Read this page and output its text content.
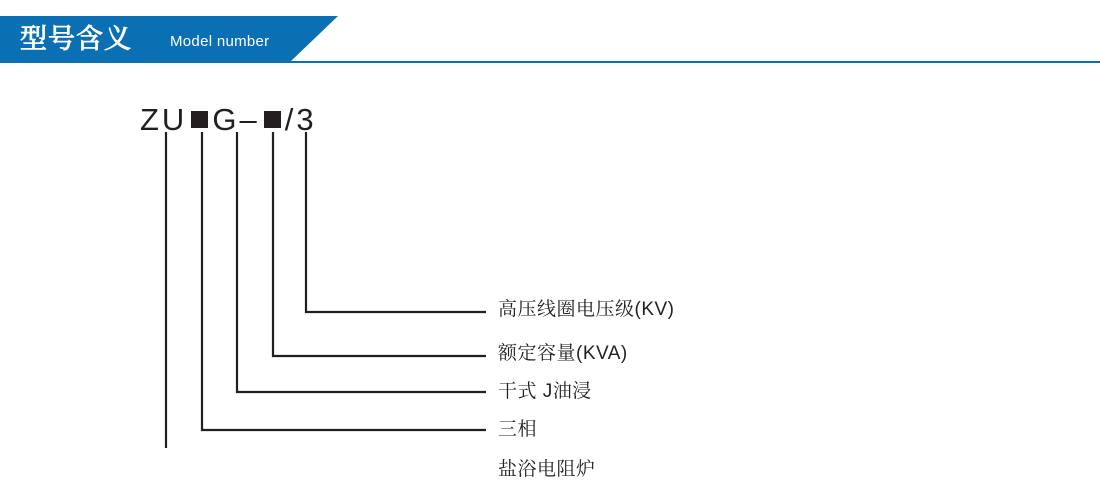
型号含义	Model number
ZU G– /3
高压线圈电压级(KV)
额定容量(KVA)
干式 J油浸
三相
盐浴电阻炉
